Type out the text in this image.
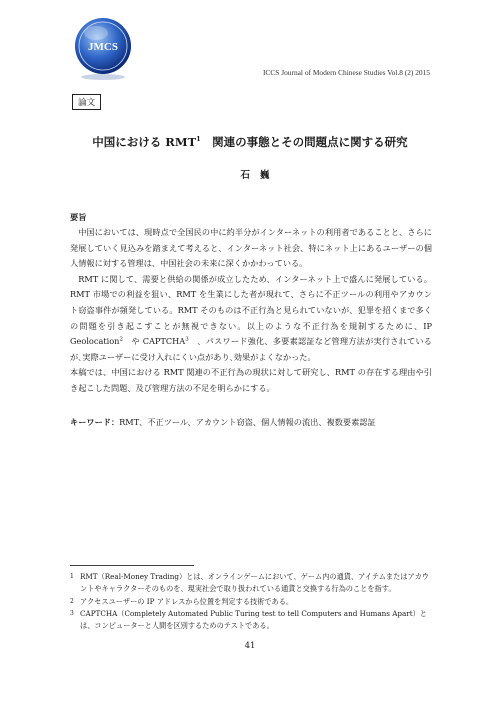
JMCS
ICCS Journal of Modern Chinese Studies Vol.8 (2) 2015
論文
中国における RMT$^1$　関連の事態とその問題点に関する研究
石巍
要旨

中国においては、現時点で全国民の中に約半分がインターネットの利用者であることと、さらに発展していく見込みを踏まえて考えると、インターネット社会、特にネット上にあるユーザーの個人情報に対する管理は、中国社会の未来に深くかかわっている。

RMT に関して、需要と供給の関係が成立したため、インターネット上で盛んに発展している。RMT 市場での利益を狙い、RMT を生業にした者が現れて、さらに不正ツールの利用やアカウント窃盗事件が頻発している。RMT そのものは不正行為と見られていないが、犯罪を招くまで多くの問題を引き起こすことが無視できない。以上のような不正行為を規制するために、IP Geolocation$^2$　や CAPTCHA$^3$　、パスワード強化、多要素認証など管理方法が実行されているが､実際ユーザーに受け入れにくい点があり､効果がよくなかった。

本稿では、中国における RMT 関連の不正行為の現状に対して研究し、RMT の存在する理由や引き起こした問題、及び管理方法の不足を明らかにする。

キーワード：RMT、不正ツール、アカウント窃盗、個人情報の流出、複数要素認証

1 RMT（Real-Money Trading）とは、オンラインゲームにおいて、ゲーム内の通貨、アイテムまたはアカウントやキャラクターそのものを、現実社会で取り扱われている通貨と交換する行為のことを指す。

2 アクセスユーザーの IP アドレスから位置を判定する技術である。

3 CAPTCHA（Completely Automated Public Turing test to tell Computers and Humans Apart）とは、コンピューターと人間を区別するためのテストである。

41
